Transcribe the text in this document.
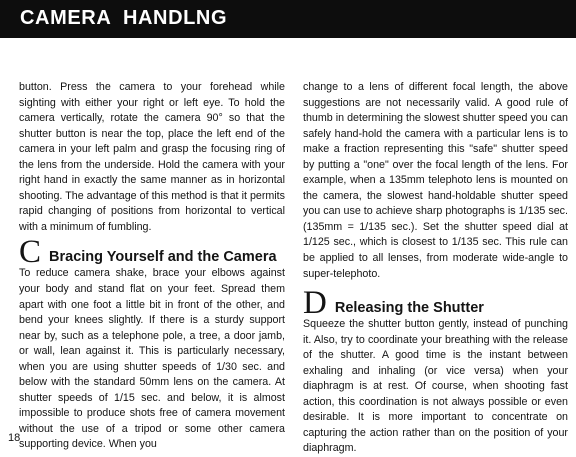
CAMERA  HANDLNG

button. Press the camera to your forehead while sighting with either your right or left eye. To hold the camera vertically, rotate the camera 90° so that the shutter button is near the top, place the left end of the camera in your left palm and grasp the focusing ring of the lens from the underside. Hold the camera with your right hand in exactly the same manner as in horizontal shooting. The advantage of this method is that it permits rapid changing of positions from horizontal to vertical with a minimum of fumbling.

C Bracing Yourself and the Camera

To reduce camera shake, brace your elbows against your body and stand flat on your feet. Spread them apart with one foot a little bit in front of the other, and bend your knees slightly. If there is a sturdy support near by, such as a telephone pole, a tree, a door jamb, or wall, lean against it. This is particularly necessary, when you are using shutter speeds of 1/30 sec. and below with the standard 50mm lens on the camera. At shutter speeds of 1/15 sec. and below, it is almost impossible to produce shots free of camera movement without the use of a tripod or some other camera supporting device. When you

change to a lens of different focal length, the above suggestions are not necessarily valid. A good rule of thumb in determining the slowest shutter speed you can safely hand-hold the camera with a particular lens is to make a fraction representing this "safe" shutter speed by putting a "one" over the focal length of the lens. For example, when a 135mm telephoto lens is mounted on the camera, the slowest hand-holdable shutter speed you can use to achieve sharp photographs is 1/135 sec. (135mm = 1/135 sec.). Set the shutter speed dial at 1/125 sec., which is closest to 1/135 sec. This rule can be applied to all lenses, from moderate wide-angle to super-telephoto.

D Releasing the Shutter

Squeeze the shutter button gently, instead of punching it. Also, try to coordinate your breathing with the release of the shutter. A good time is the instant between exhaling and inhaling (or vice versa) when your diaphragm is at rest. Of course, when shooting fast action, this coordination is not always possible or even desirable. It is more important to concentrate on capturing the action rather than on the position of your diaphragm.

18
